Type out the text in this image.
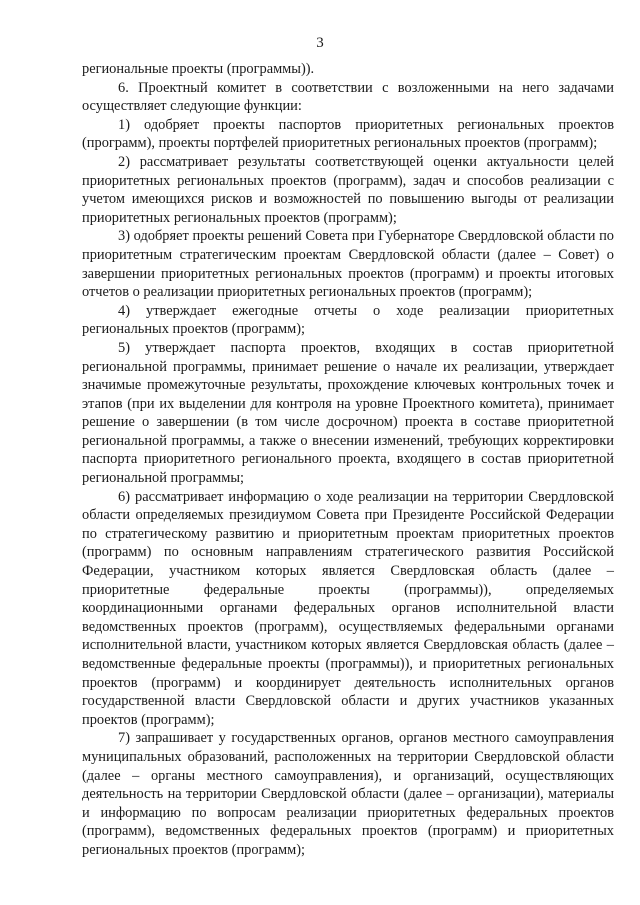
3

региональные проекты (программы)).

6. Проектный комитет в соответствии с возложенными на него задачами осуществляет следующие функции:

1) одобряет проекты паспортов приоритетных региональных проектов (программ), проекты портфелей приоритетных региональных проектов (программ);

2) рассматривает результаты соответствующей оценки актуальности целей приоритетных региональных проектов (программ), задач и способов реализации с учетом имеющихся рисков и возможностей по повышению выгоды от реализации приоритетных региональных проектов (программ);

3) одобряет проекты решений Совета при Губернаторе Свердловской области по приоритетным стратегическим проектам Свердловской области (далее – Совет) о завершении приоритетных региональных проектов (программ) и проекты итоговых отчетов о реализации приоритетных региональных проектов (программ);

4) утверждает ежегодные отчеты о ходе реализации приоритетных региональных проектов (программ);

5) утверждает паспорта проектов, входящих в состав приоритетной региональной программы, принимает решение о начале их реализации, утверждает значимые промежуточные результаты, прохождение ключевых контрольных точек и этапов (при их выделении для контроля на уровне Проектного комитета), принимает решение о завершении (в том числе досрочном) проекта в составе приоритетной региональной программы, а также о внесении изменений, требующих корректировки паспорта приоритетного регионального проекта, входящего в состав приоритетной региональной программы;

6) рассматривает информацию о ходе реализации на территории Свердловской области определяемых президиумом Совета при Президенте Российской Федерации по стратегическому развитию и приоритетным проектам приоритетных проектов (программ) по основным направлениям стратегического развития Российской Федерации, участником которых является Свердловская область (далее – приоритетные федеральные проекты (программы)), определяемых координационными органами федеральных органов исполнительной власти ведомственных проектов (программ), осуществляемых федеральными органами исполнительной власти, участником которых является Свердловская область (далее – ведомственные федеральные проекты (программы)), и приоритетных региональных проектов (программ) и координирует деятельность исполнительных органов государственной власти Свердловской области и других участников указанных проектов (программ);

7) запрашивает у государственных органов, органов местного самоуправления муниципальных образований, расположенных на территории Свердловской области (далее – органы местного самоуправления), и организаций, осуществляющих деятельность на территории Свердловской области (далее – организации), материалы и информацию по вопросам реализации приоритетных федеральных проектов (программ), ведомственных федеральных проектов (программ) и приоритетных региональных проектов (программ);
